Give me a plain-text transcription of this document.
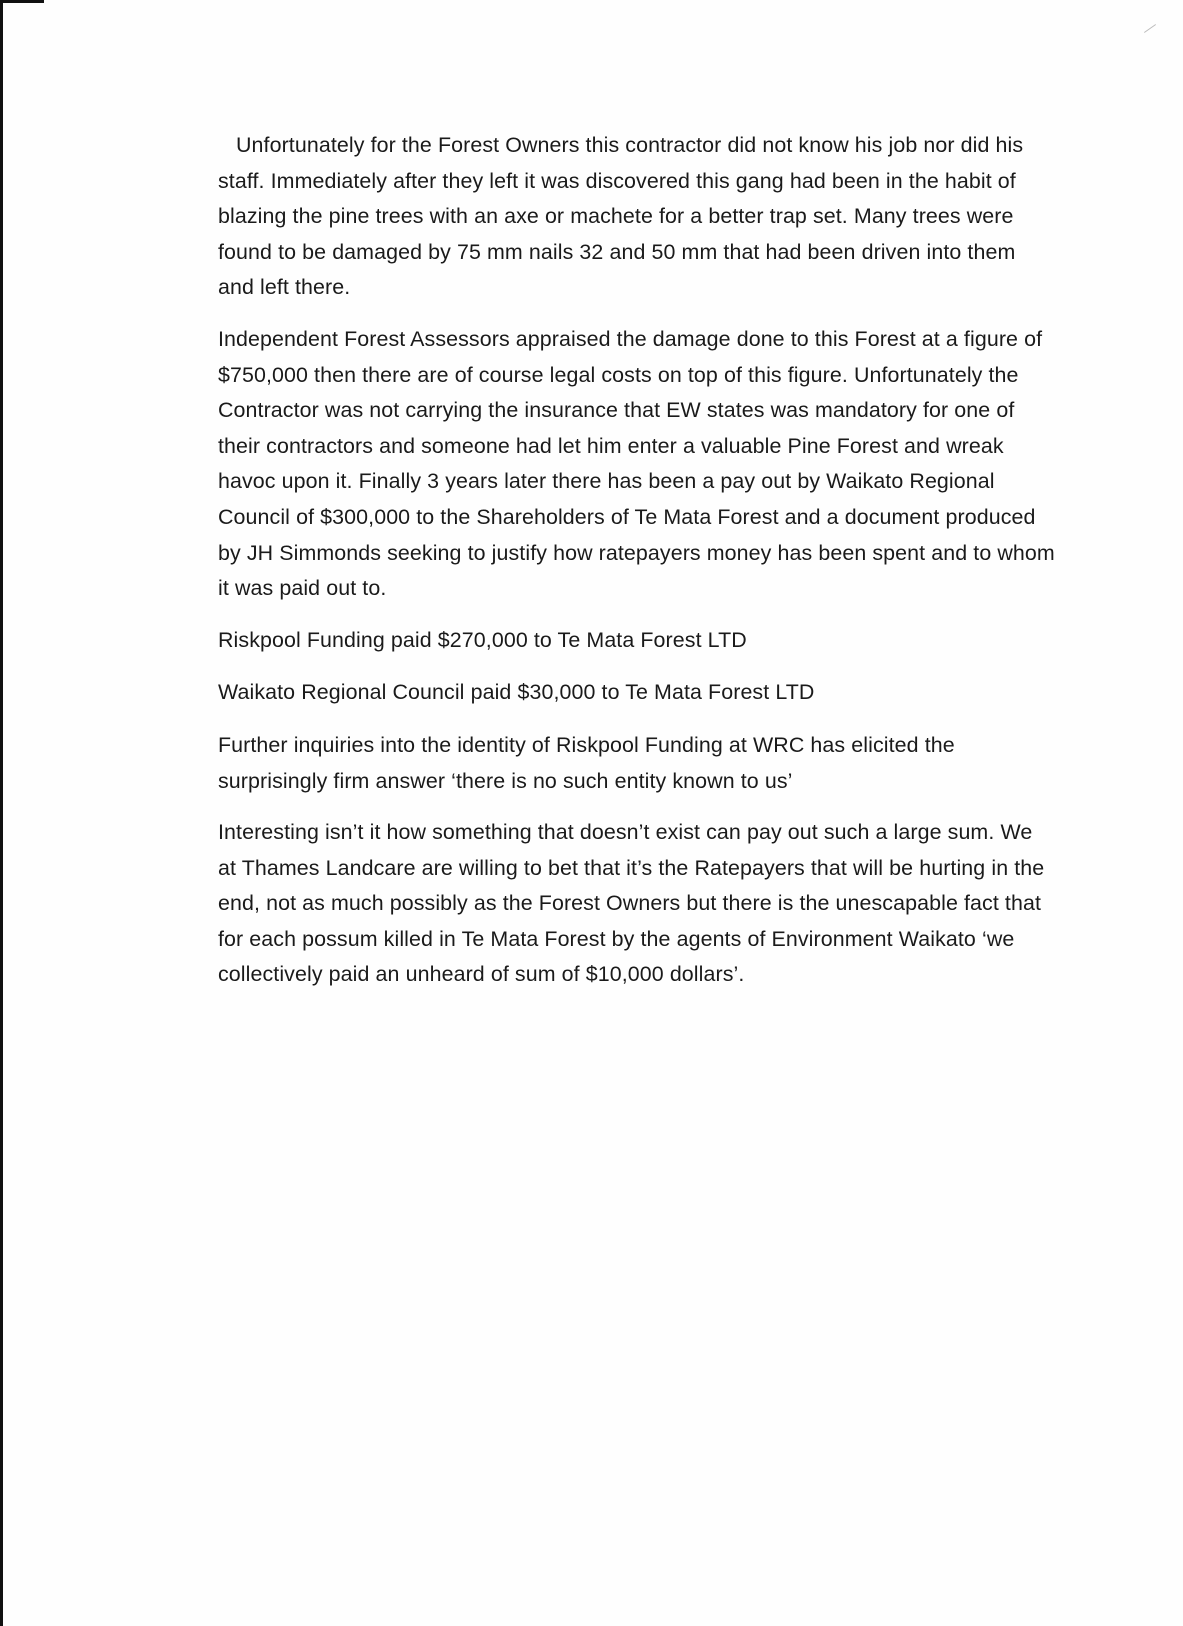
Unfortunately for the Forest Owners this contractor did not know his job nor did his staff. Immediately after they left it was discovered this gang had been in the habit of blazing the pine trees with an axe or machete for a better trap set. Many trees were found to be damaged by 75 mm nails 32 and 50 mm that had been driven into them and left there.

Independent Forest Assessors appraised the damage done to this Forest at a figure of $750,000 then there are of course legal costs on top of this figure. Unfortunately the Contractor was not carrying the insurance that EW states was mandatory for one of their contractors and someone had let him enter a valuable Pine Forest and wreak havoc upon it. Finally 3 years later there has been a pay out by Waikato Regional Council of $300,000 to the Shareholders of Te Mata Forest and a document produced by JH Simmonds seeking to justify how ratepayers money has been spent and to whom it was paid out to.

Riskpool Funding paid $270,000 to Te Mata Forest LTD

Waikato Regional Council paid $30,000 to Te Mata Forest LTD

Further inquiries into the identity of Riskpool Funding at WRC has elicited the surprisingly firm answer ‘there is no such entity known to us’

Interesting isn’t it how something that doesn’t exist can pay out such a large sum. We at Thames Landcare are willing to bet that it’s the Ratepayers that will be hurting in the end, not as much possibly as the Forest Owners but there is the unescapable fact that for each possum killed in Te Mata Forest by the agents of Environment Waikato ‘we collectively paid an unheard of sum of $10,000 dollars’.
